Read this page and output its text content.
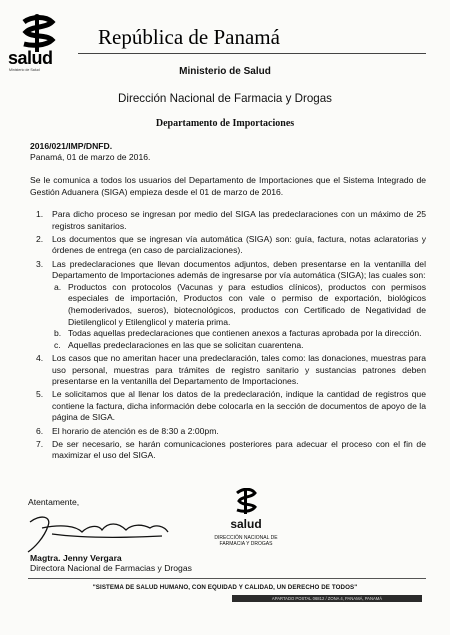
salud
Ministerio de Salud
República de Panamá
Ministerio de Salud
Dirección Nacional de Farmacia y Drogas
Departamento de Importaciones
2016/021/IMP/DNFD.
Panamá, 01 de marzo de 2016.
Se le comunica a todos los usuarios del Departamento de Importaciones que el Sistema Integrado de Gestión Aduanera (SIGA) empieza desde el 01 de marzo de 2016.
1. Para dicho proceso se ingresan por medio del SIGA las predeclaraciones con un máximo de 25 registros sanitarios.
2. Los documentos que se ingresan vía automática (SIGA) son: guía, factura, notas aclaratorias y órdenes de entrega (en caso de parcializaciones).
3. Las predeclaraciones que llevan documentos adjuntos, deben presentarse en la ventanilla del Departamento de Importaciones además de ingresarse por vía automática (SIGA); las cuales son:
a. Productos con protocolos (Vacunas y para estudios clínicos), productos con permisos especiales de importación, Productos con vale o permiso de exportación, biológicos (hemoderivados, sueros), biotecnológicos, productos con Certificado de Negatividad de Dietilenglicol y Etilenglicol y materia prima.
b. Todas aquellas predeclaraciones que contienen anexos a facturas aprobada por la dirección.
c. Aquellas predeclaraciones en las que se solicitan cuarentena.
4. Los casos que no ameritan hacer una predeclaración, tales como: las donaciones, muestras para uso personal, muestras para trámites de registro sanitario y sustancias patrones deben presentarse en la ventanilla del Departamento de Importaciones.
5. Le solicitamos que al llenar los datos de la predeclaración, indique la cantidad de registros que contiene la factura, dicha información debe colocarla en la sección de documentos de apoyo de la página de SIGA.
6. El horario de atención es de 8:30 a 2:00pm.
7. De ser necesario, se harán comunicaciones posteriores para adecuar el proceso con el fin de maximizar el uso del SIGA.
Atentamente,
Magtra. Jenny Vergara
Directora Nacional de Farmacias y Drogas
salud
DIRECCIÓN NACIONAL DE
FARMACIA Y DROGAS
"SISTEMA DE SALUD HUMANO, CON EQUIDAD Y CALIDAD, UN DERECHO DE TODOS"
APARTADO POSTAL 06812 / ZONA 4, PANAMÁ, PANAMÁ
